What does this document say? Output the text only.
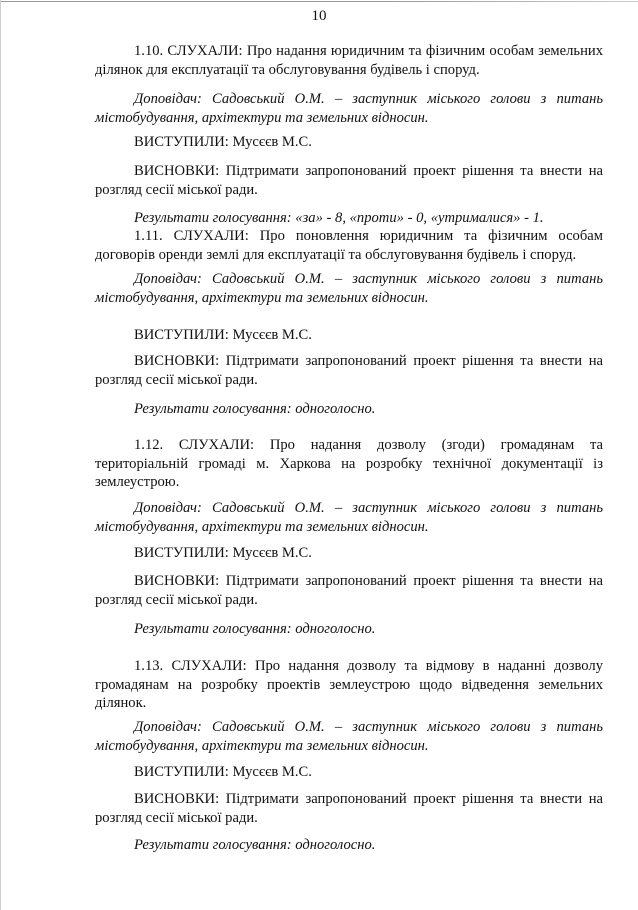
10

1.10. СЛУХАЛИ: Про надання юридичним та фізичним особам земельних ділянок для експлуатації та обслуговування будівель і споруд.

Доповідач: Садовський О.М. – заступник міського голови з питань містобудування, архітектури та земельних відносин.

ВИСТУПИЛИ: Мусєєв М.С.

ВИСНОВКИ: Підтримати запропонований проект рішення та внести на розгляд сесії міської ради.

Результати голосування: «за» - 8, «проти» - 0, «утрималися» - 1.

1.11. СЛУХАЛИ: Про поновлення юридичним та фізичним особам договорів оренди землі для експлуатації та обслуговування будівель і споруд.

Доповідач: Садовський О.М. – заступник міського голови з питань містобудування, архітектури та земельних відносин.

ВИСТУПИЛИ: Мусєєв М.С.

ВИСНОВКИ: Підтримати запропонований проект рішення та внести на розгляд сесії міської ради.

Результати голосування: одноголосно.

1.12. СЛУХАЛИ: Про надання дозволу (згоди) громадянам та територіальній громаді м. Харкова на розробку технічної документації із землеустрою.

Доповідач: Садовський О.М. – заступник міського голови з питань містобудування, архітектури та земельних відносин.

ВИСТУПИЛИ: Мусєєв М.С.

ВИСНОВКИ: Підтримати запропонований проект рішення та внести на розгляд сесії міської ради.

Результати голосування: одноголосно.

1.13. СЛУХАЛИ: Про надання дозволу та відмову в наданні дозволу громадянам на розробку проектів землеустрою щодо відведення земельних ділянок.

Доповідач: Садовський О.М. – заступник міського голови з питань містобудування, архітектури та земельних відносин.

ВИСТУПИЛИ: Мусєєв М.С.

ВИСНОВКИ: Підтримати запропонований проект рішення та внести на розгляд сесії міської ради.

Результати голосування: одноголосно.
